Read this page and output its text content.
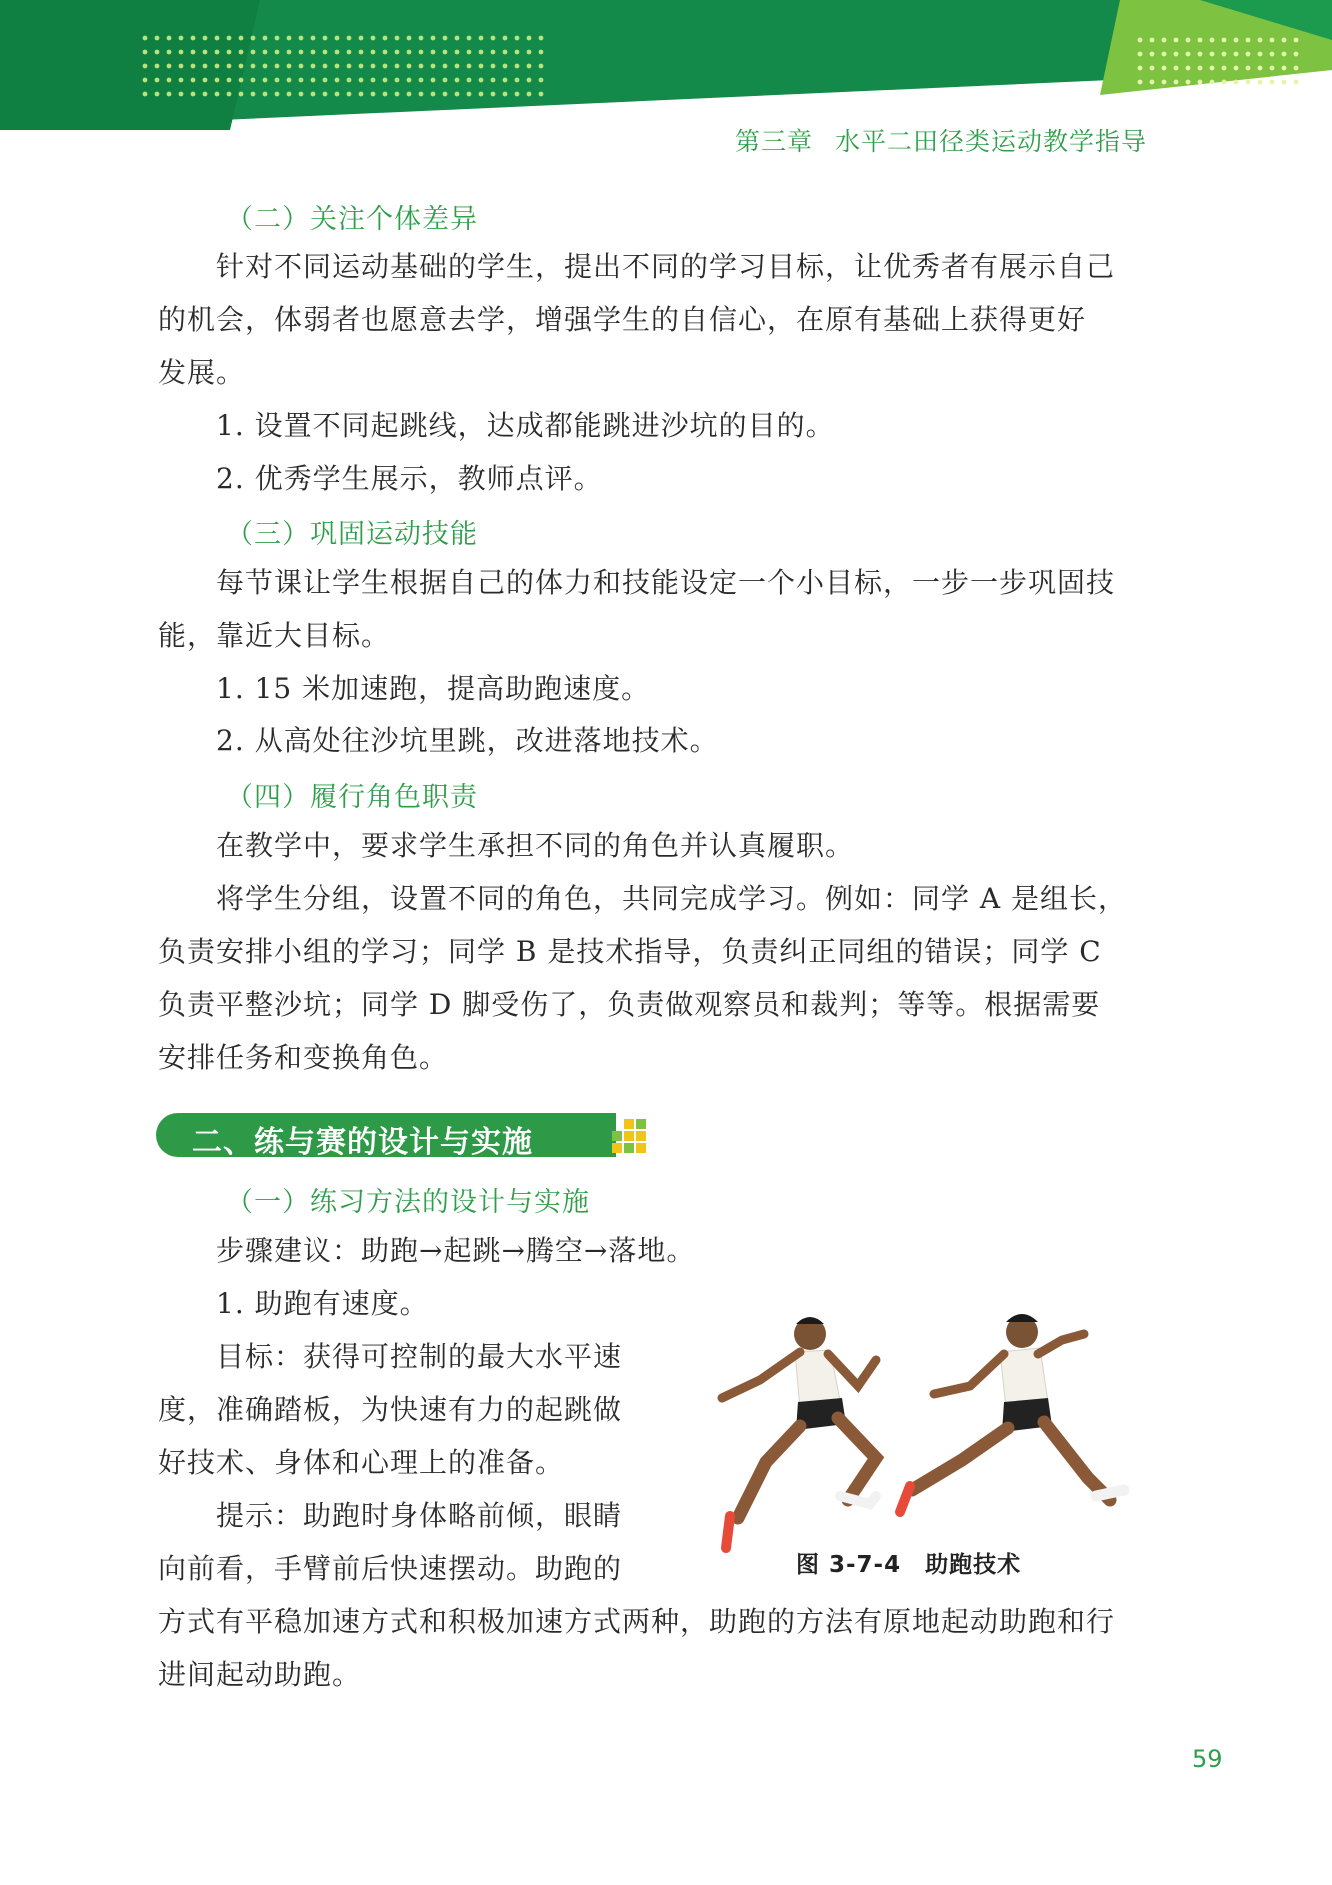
第三章 水平二田径类运动教学指导
（二）关注个体差异
针对不同运动基础的学生，提出不同的学习目标，让优秀者有展示自己
的机会，体弱者也愿意去学，增强学生的自信心，在原有基础上获得更好
发展。
1. 设置不同起跳线，达成都能跳进沙坑的目的。
2. 优秀学生展示，教师点评。
（三）巩固运动技能
每节课让学生根据自己的体力和技能设定一个小目标，一步一步巩固技
能，靠近大目标。
1. 15 米加速跑，提高助跑速度。
2. 从高处往沙坑里跳，改进落地技术。
（四）履行角色职责
在教学中，要求学生承担不同的角色并认真履职。
将学生分组，设置不同的角色，共同完成学习。例如：同学 A 是组长，
负责安排小组的学习；同学 B 是技术指导，负责纠正同组的错误；同学 C
负责平整沙坑；同学 D 脚受伤了，负责做观察员和裁判；等等。根据需要
安排任务和变换角色。
二、练与赛的设计与实施
（一）练习方法的设计与实施
步骤建议：助跑→起跳→腾空→落地。
1. 助跑有速度。
目标：获得可控制的最大水平速
度，准确踏板，为快速有力的起跳做
好技术、身体和心理上的准备。
提示：助跑时身体略前倾，眼睛
向前看，手臂前后快速摆动。助跑的
方式有平稳加速方式和积极加速方式两种，助跑的方法有原地起动助跑和行
进间起动助跑。
图 3-7-4　助跑技术
59
